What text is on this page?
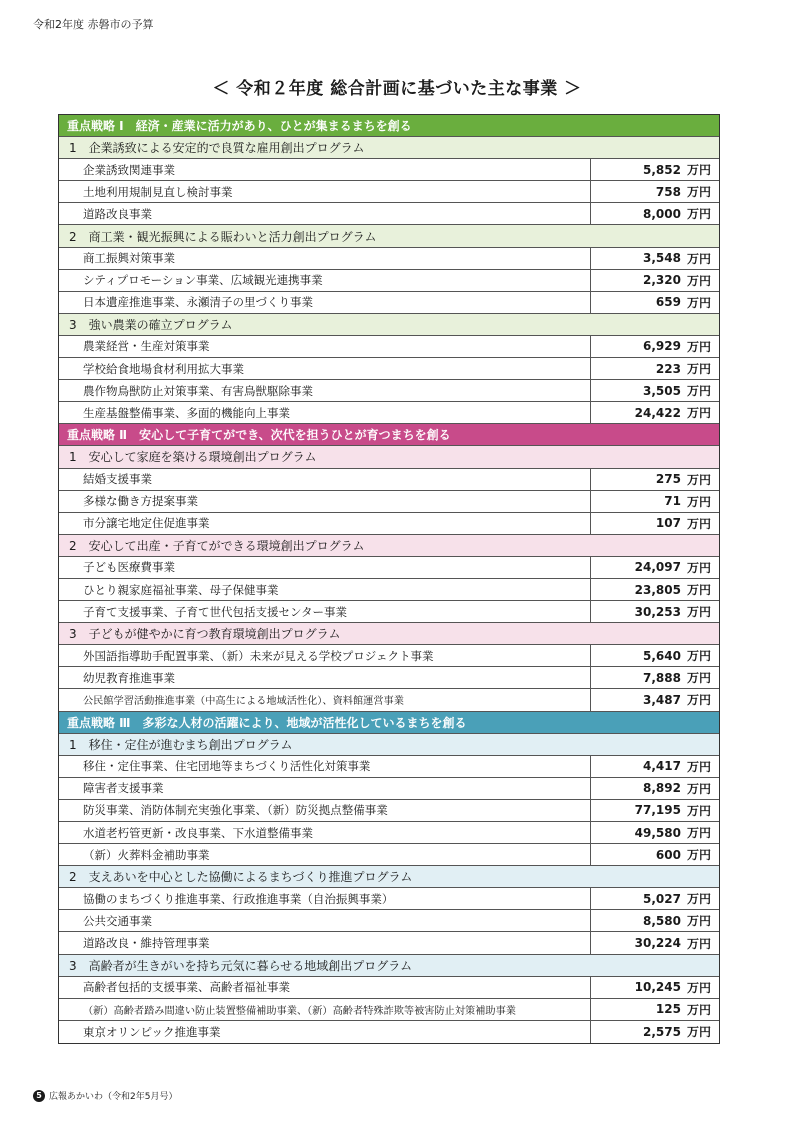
令和2年度 赤磐市の予算
＜ 令和２年度 総合計画に基づいた主な事業 ＞
重点戦略 Ⅰ　経済・産業に活力があり、ひとが集まるまちを創る
1　企業誘致による安定的で良質な雇用創出プログラム
企業誘致関連事業	5,852 万円
土地利用規制見直し検討事業	758 万円
道路改良事業	8,000 万円
2　商工業・観光振興による賑わいと活力創出プログラム
商工振興対策事業	3,548 万円
シティプロモーション事業、広域観光連携事業	2,320 万円
日本遺産推進事業、永瀬清子の里づくり事業	659 万円
3　強い農業の確立プログラム
農業経営・生産対策事業	6,929 万円
学校給食地場食材利用拡大事業	223 万円
農作物鳥獣防止対策事業、有害鳥獣駆除事業	3,505 万円
生産基盤整備事業、多面的機能向上事業	24,422 万円
重点戦略 Ⅱ　安心して子育てができ、次代を担うひとが育つまちを創る
1　安心して家庭を築ける環境創出プログラム
結婚支援事業	275 万円
多様な働き方提案事業	71 万円
市分譲宅地定住促進事業	107 万円
2　安心して出産・子育てができる環境創出プログラム
子ども医療費事業	24,097 万円
ひとり親家庭福祉事業、母子保健事業	23,805 万円
子育て支援事業、子育て世代包括支援センター事業	30,253 万円
3　子どもが健やかに育つ教育環境創出プログラム
外国語指導助手配置事業、（新）未来が見える学校プロジェクト事業	5,640 万円
幼児教育推進事業	7,888 万円
公民館学習活動推進事業（中高生による地域活性化）、資料館運営事業	3,487 万円
重点戦略 Ⅲ　多彩な人材の活躍により、地域が活性化しているまちを創る
1　移住・定住が進むまち創出プログラム
移住・定住事業、住宅団地等まちづくり活性化対策事業	4,417 万円
障害者支援事業	8,892 万円
防災事業、消防体制充実強化事業、（新）防災拠点整備事業	77,195 万円
水道老朽管更新・改良事業、下水道整備事業	49,580 万円
（新）火葬料金補助事業	600 万円
2　支えあいを中心とした協働によるまちづくり推進プログラム
協働のまちづくり推進事業、行政推進事業（自治振興事業）	5,027 万円
公共交通事業	8,580 万円
道路改良・維持管理事業	30,224 万円
3　高齢者が生きがいを持ち元気に暮らせる地域創出プログラム
高齢者包括的支援事業、高齢者福祉事業	10,245 万円
（新）高齢者踏み間違い防止装置整備補助事業、（新）高齢者特殊詐欺等被害防止対策補助事業	125 万円
東京オリンピック推進事業	2,575 万円
5 広報あかいわ（令和2年5月号）
